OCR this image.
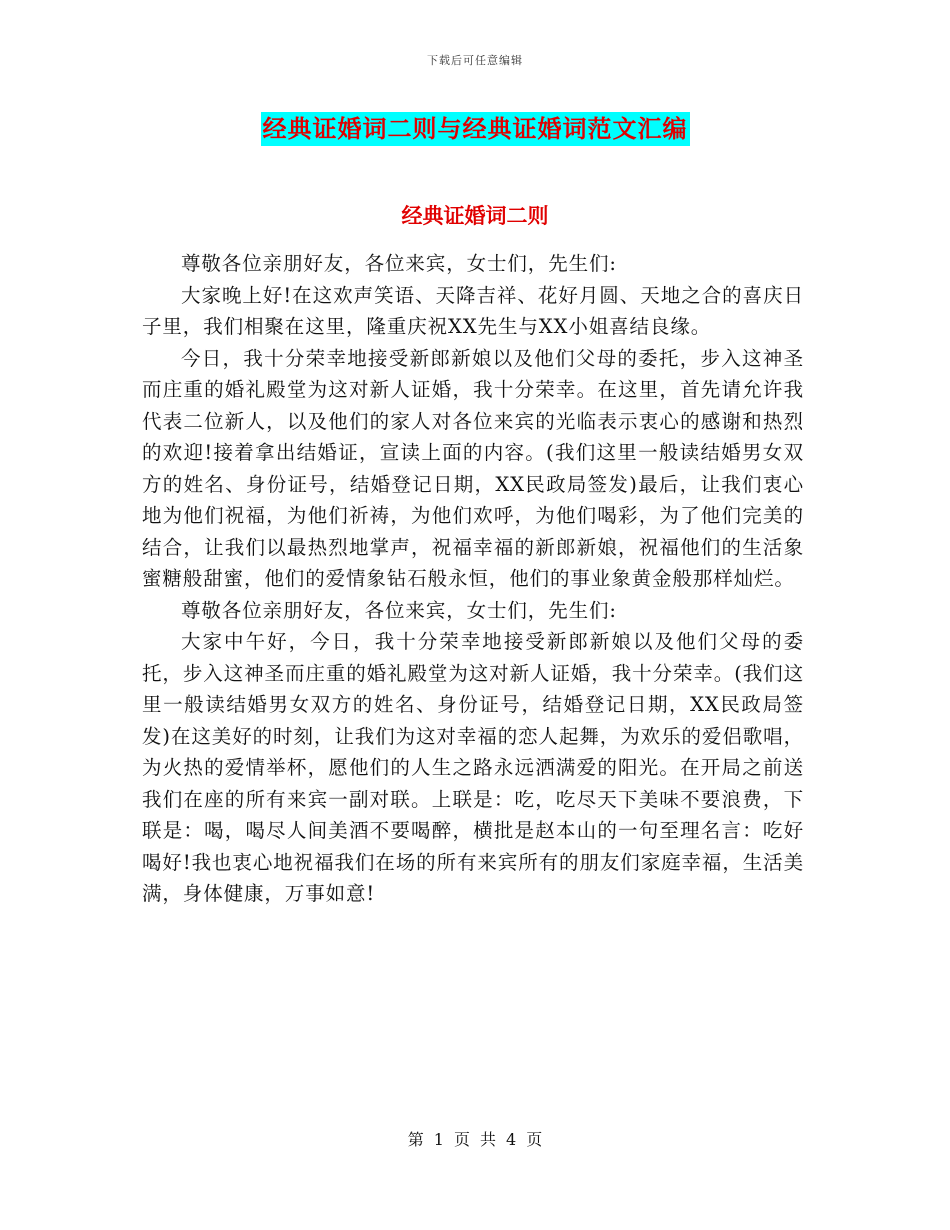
下载后可任意编辑
经典证婚词二则与经典证婚词范文汇编
经典证婚词二则

尊敬各位亲朋好友，各位来宾，女士们，先生们:

大家晚上好!在这欢声笑语、天降吉祥、花好月圆、天地之合的喜庆日子里，我们相聚在这里，隆重庆祝XX先生与XX小姐喜结良缘。

今日，我十分荣幸地接受新郎新娘以及他们父母的委托，步入这神圣而庄重的婚礼殿堂为这对新人证婚，我十分荣幸。在这里，首先请允许我代表二位新人，以及他们的家人对各位来宾的光临表示衷心的感谢和热烈的欢迎!接着拿出结婚证，宣读上面的内容。(我们这里一般读结婚男女双方的姓名、身份证号，结婚登记日期，XX民政局签发)最后，让我们衷心地为他们祝福，为他们祈祷，为他们欢呼，为他们喝彩，为了他们完美的结合，让我们以最热烈地掌声，祝福幸福的新郎新娘，祝福他们的生活象蜜糖般甜蜜，他们的爱情象钻石般永恒，他们的事业象黄金般那样灿烂。

尊敬各位亲朋好友，各位来宾，女士们，先生们:

大家中午好，今日，我十分荣幸地接受新郎新娘以及他们父母的委托，步入这神圣而庄重的婚礼殿堂为这对新人证婚，我十分荣幸。(我们这里一般读结婚男女双方的姓名、身份证号，结婚登记日期，XX民政局签发)在这美好的时刻，让我们为这对幸福的恋人起舞，为欢乐的爱侣歌唱，为火热的爱情举杯，愿他们的人生之路永远洒满爱的阳光。在开局之前送我们在座的所有来宾一副对联。上联是：吃，吃尽天下美味不要浪费，下联是：喝，喝尽人间美酒不要喝醉，横批是赵本山的一句至理名言：吃好喝好!我也衷心地祝福我们在场的所有来宾所有的朋友们家庭幸福，生活美满，身体健康，万事如意!

第 1 页 共 4 页
